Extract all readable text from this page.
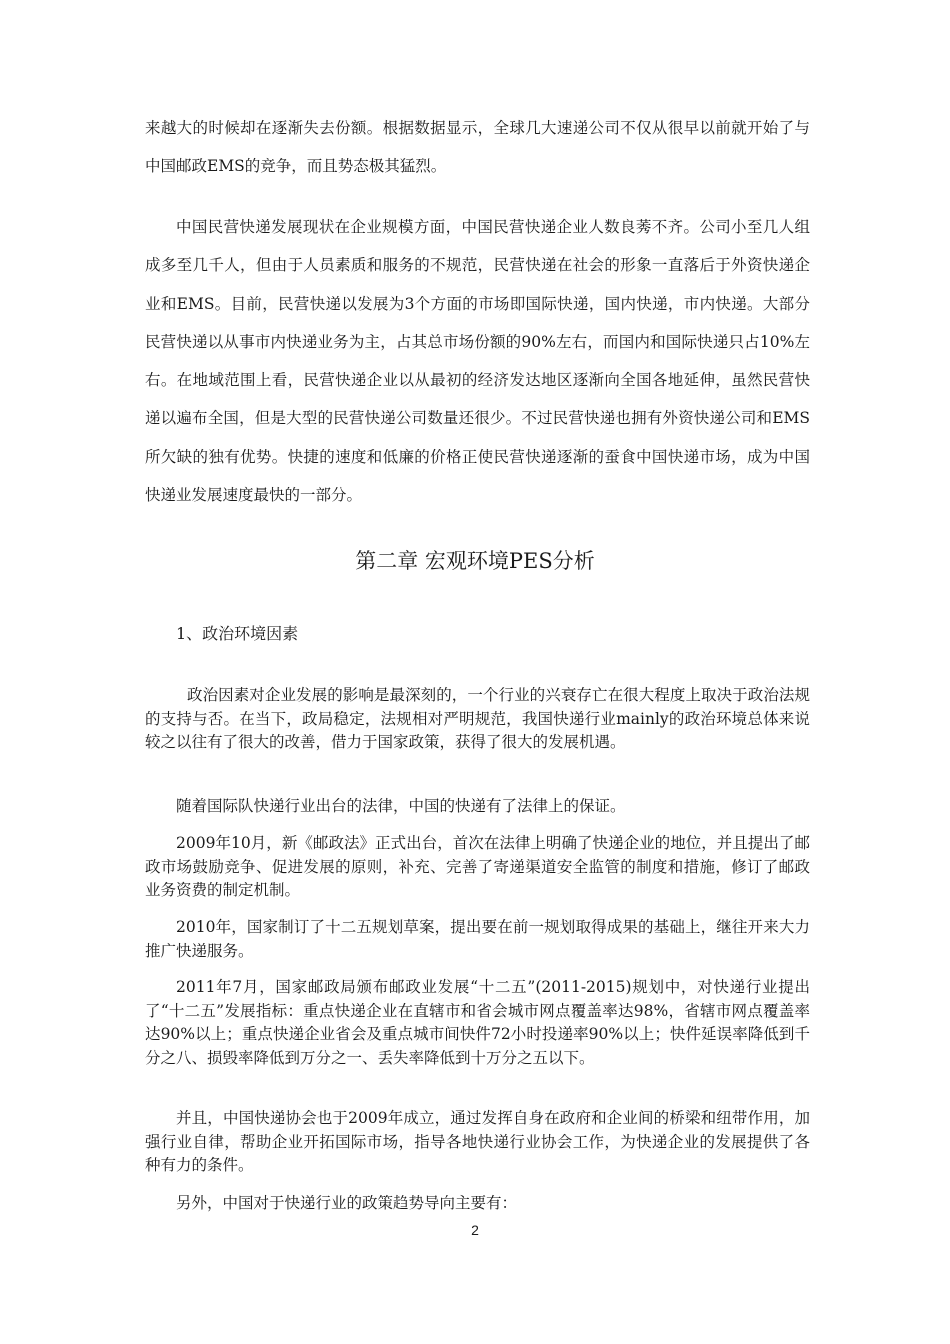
来越大的时候却在逐渐失去份额。根据数据显示，全球几大速递公司不仅从很早以前就开始了与中国邮政EMS的竞争，而且势态极其猛烈。

中国民营快递发展现状在企业规模方面，中国民营快递企业人数良莠不齐。公司小至几人组成多至几千人，但由于人员素质和服务的不规范，民营快递在社会的形象一直落后于外资快递企业和EMS。目前，民营快递以发展为3个方面的市场即国际快递，国内快递，市内快递。大部分民营快递以从事市内快递业务为主，占其总市场份额的90%左右，而国内和国际快递只占10%左右。在地域范围上看，民营快递企业以从最初的经济发达地区逐渐向全国各地延伸，虽然民营快递以遍布全国，但是大型的民营快递公司数量还很少。不过民营快递也拥有外资快递公司和EMS所欠缺的独有优势。快捷的速度和低廉的价格正使民营快递逐渐的蚕食中国快递市场，成为中国快递业发展速度最快的一部分。

第二章 宏观环境PES分析
1、政治环境因素

政治因素对企业发展的影响是最深刻的，一个行业的兴衰存亡在很大程度上取决于政治法规的支持与否。在当下，政局稳定，法规相对严明规范，我国快递行业mainly的政治环境总体来说较之以往有了很大的改善，借力于国家政策，获得了很大的发展机遇。

随着国际队快递行业出台的法律，中国的快递有了法律上的保证。

2009年10月，新《邮政法》正式出台，首次在法律上明确了快递企业的地位，并且提出了邮政市场鼓励竞争、促进发展的原则，补充、完善了寄递渠道安全监管的制度和措施，修订了邮政业务资费的制定机制。

2010年，国家制订了十二五规划草案，提出要在前一规划取得成果的基础上，继往开来大力推广快递服务。

2011年7月，国家邮政局颁布邮政业发展“十二五”(2011-2015)规划中，对快递行业提出了“十二五”发展指标：重点快递企业在直辖市和省会城市网点覆盖率达98%，省辖市网点覆盖率达90%以上；重点快递企业省会及重点城市间快件72小时投递率90%以上；快件延误率降低到千分之八、损毁率降低到万分之一、丢失率降低到十万分之五以下。

并且，中国快递协会也于2009年成立，通过发挥自身在政府和企业间的桥梁和纽带作用，加强行业自律，帮助企业开拓国际市场，指导各地快递行业协会工作，为快递企业的发展提供了各种有力的条件。

另外，中国对于快递行业的政策趋势导向主要有：

2
